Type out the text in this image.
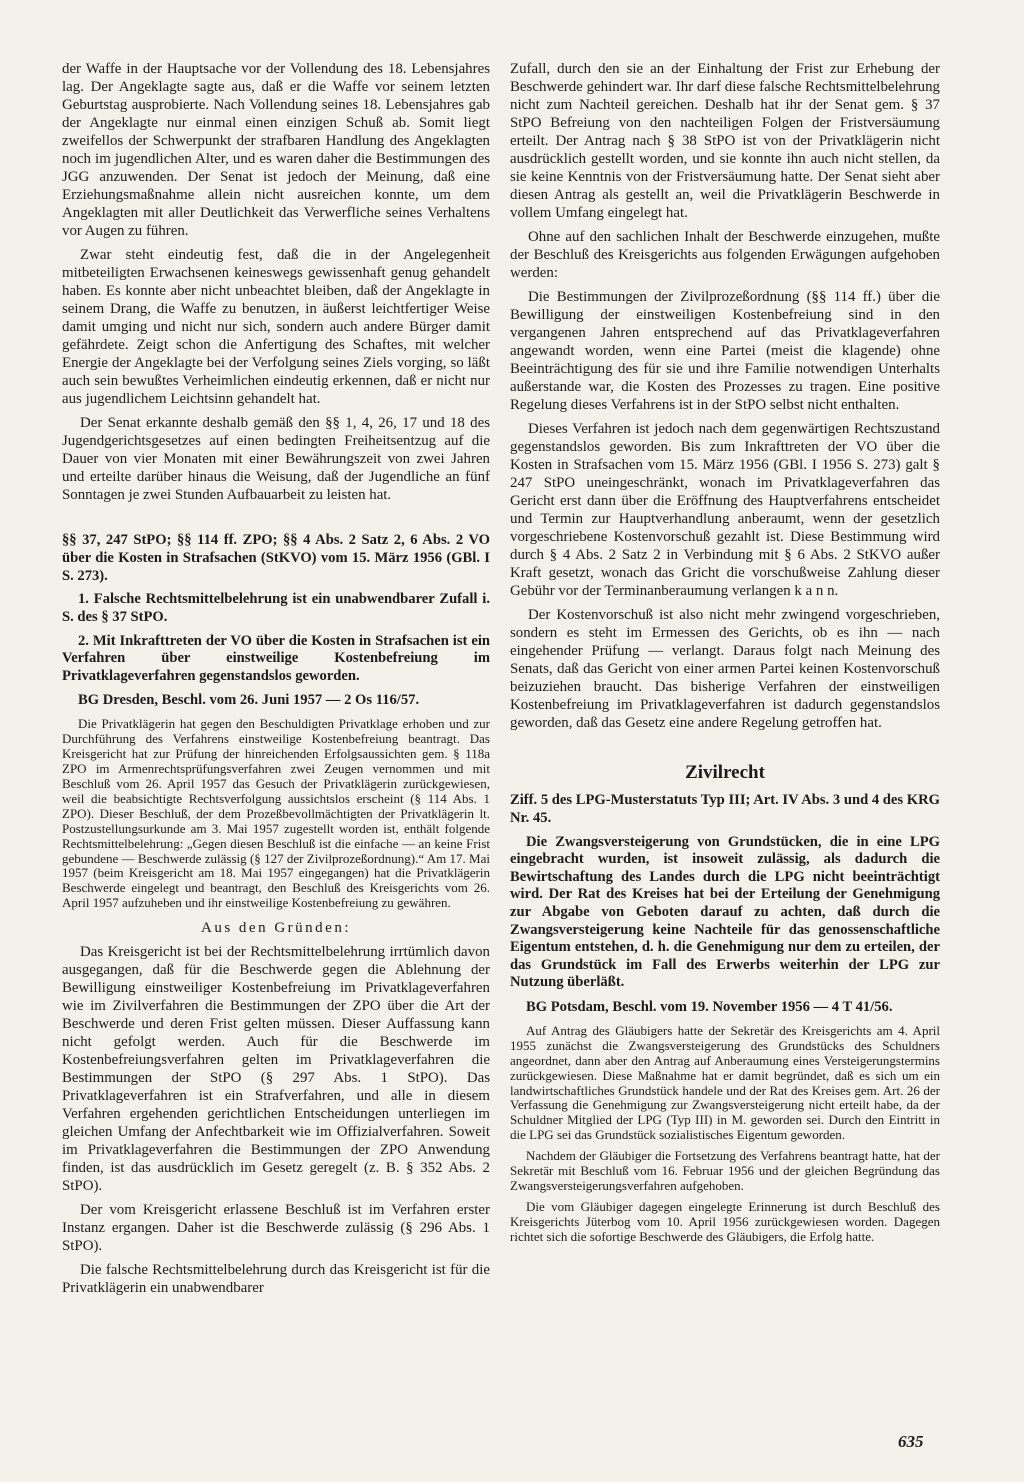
der Waffe in der Hauptsache vor der Vollendung des 18. Lebensjahres lag. Der Angeklagte sagte aus, daß er die Waffe vor seinem letzten Geburtstag ausprobierte. Nach Vollendung seines 18. Lebensjahres gab der Angeklagte nur einmal einen einzigen Schuß ab. Somit liegt zweifellos der Schwerpunkt der strafbaren Handlung des Angeklagten noch im jugendlichen Alter, und es waren daher die Bestimmungen des JGG anzuwenden. Der Senat ist jedoch der Meinung, daß eine Erziehungsmaßnahme allein nicht ausreichen konnte, um dem Angeklagten mit aller Deutlichkeit das Verwerfliche seines Verhaltens vor Augen zu führen.

Zwar steht eindeutig fest, daß die in der Angelegenheit mitbeteiligten Erwachsenen keineswegs gewissenhaft genug gehandelt haben. Es konnte aber nicht unbeachtet bleiben, daß der Angeklagte in seinem Drang, die Waffe zu benutzen, in äußerst leichtfertiger Weise damit umging und nicht nur sich, sondern auch andere Bürger damit gefährdete. Zeigt schon die Anfertigung des Schaftes, mit welcher Energie der Angeklagte bei der Verfolgung seines Ziels vorging, so läßt auch sein bewußtes Verheimlichen eindeutig erkennen, daß er nicht nur aus jugendlichem Leichtsinn gehandelt hat.

Der Senat erkannte deshalb gemäß den §§ 1, 4, 26, 17 und 18 des Jugendgerichtsgesetzes auf einen bedingten Freiheitsentzug auf die Dauer von vier Monaten mit einer Bewährungszeit von zwei Jahren und erteilte darüber hinaus die Weisung, daß der Jugendliche an fünf Sonntagen je zwei Stunden Aufbauarbeit zu leisten hat.

§§ 37, 247 StPO; §§ 114 ff. ZPO; §§ 4 Abs. 2 Satz 2, 6 Abs. 2 VO über die Kosten in Strafsachen (StKVO) vom 15. März 1956 (GBl. I S. 273).

1. Falsche Rechtsmittelbelehrung ist ein unabwendbarer Zufall i. S. des § 37 StPO.

2. Mit Inkrafttreten der VO über die Kosten in Strafsachen ist ein Verfahren über einstweilige Kostenbefreiung im Privatklageverfahren gegenstandslos geworden.

BG Dresden, Beschl. vom 26. Juni 1957 — 2 Os 116/57.

Die Privatklägerin hat gegen den Beschuldigten Privatklage erhoben und zur Durchführung des Verfahrens einstweilige Kostenbefreiung beantragt. Das Kreisgericht hat zur Prüfung der hinreichenden Erfolgsaussichten gem. § 118a ZPO im Armenrechtsprüfungsverfahren zwei Zeugen vernommen und mit Beschluß vom 26. April 1957 das Gesuch der Privatklägerin zurückgewiesen, weil die beabsichtigte Rechtsverfolgung aussichtslos erscheint (§ 114 Abs. 1 ZPO). Dieser Beschluß, der dem Prozeßbevollmächtigten der Privatklägerin lt. Postzustellungsurkunde am 3. Mai 1957 zugestellt worden ist, enthält folgende Rechtsmittelbelehrung: „Gegen diesen Beschluß ist die einfache — an keine Frist gebundene — Beschwerde zulässig (§ 127 der Zivilprozeßordnung).“ Am 17. Mai 1957 (beim Kreisgericht am 18. Mai 1957 eingegangen) hat die Privatklägerin Beschwerde eingelegt und beantragt, den Beschluß des Kreisgerichts vom 26. April 1957 aufzuheben und ihr einstweilige Kostenbefreiung zu gewähren.

Aus den Gründen:

Das Kreisgericht ist bei der Rechtsmittelbelehrung irrtümlich davon ausgegangen, daß für die Beschwerde gegen die Ablehnung der Bewilligung einstweiliger Kostenbefreiung im Privatklageverfahren wie im Zivilverfahren die Bestimmungen der ZPO über die Art der Beschwerde und deren Frist gelten müssen. Dieser Auffassung kann nicht gefolgt werden. Auch für die Beschwerde im Kostenbefreiungsverfahren gelten im Privatklageverfahren die Bestimmungen der StPO (§ 297 Abs. 1 StPO). Das Privatklageverfahren ist ein Strafverfahren, und alle in diesem Verfahren ergehenden gerichtlichen Entscheidungen unterliegen im gleichen Umfang der Anfechtbarkeit wie im Offizialverfahren. Soweit im Privatklageverfahren die Bestimmungen der ZPO Anwendung finden, ist das ausdrücklich im Gesetz geregelt (z. B. § 352 Abs. 2 StPO).

Der vom Kreisgericht erlassene Beschluß ist im Verfahren erster Instanz ergangen. Daher ist die Beschwerde zulässig (§ 296 Abs. 1 StPO).

Die falsche Rechtsmittelbelehrung durch das Kreisgericht ist für die Privatklägerin ein unabwendbarer

Zufall, durch den sie an der Einhaltung der Frist zur Erhebung der Beschwerde gehindert war. Ihr darf diese falsche Rechtsmittelbelehrung nicht zum Nachteil gereichen. Deshalb hat ihr der Senat gem. § 37 StPO Befreiung von den nachteiligen Folgen der Fristversäumung erteilt. Der Antrag nach § 38 StPO ist von der Privatklägerin nicht ausdrücklich gestellt worden, und sie konnte ihn auch nicht stellen, da sie keine Kenntnis von der Fristversäumung hatte. Der Senat sieht aber diesen Antrag als gestellt an, weil die Privatklägerin Beschwerde in vollem Umfang eingelegt hat.

Ohne auf den sachlichen Inhalt der Beschwerde einzugehen, mußte der Beschluß des Kreisgerichts aus folgenden Erwägungen aufgehoben werden:

Die Bestimmungen der Zivilprozeßordnung (§§ 114 ff.) über die Bewilligung der einstweiligen Kostenbefreiung sind in den vergangenen Jahren entsprechend auf das Privatklageverfahren angewandt worden, wenn eine Partei (meist die klagende) ohne Beeinträchtigung des für sie und ihre Familie notwendigen Unterhalts außerstande war, die Kosten des Prozesses zu tragen. Eine positive Regelung dieses Verfahrens ist in der StPO selbst nicht enthalten.

Dieses Verfahren ist jedoch nach dem gegenwärtigen Rechtszustand gegenstandslos geworden. Bis zum Inkrafttreten der VO über die Kosten in Strafsachen vom 15. März 1956 (GBl. I 1956 S. 273) galt § 247 StPO uneingeschränkt, wonach im Privatklageverfahren das Gericht erst dann über die Eröffnung des Hauptverfahrens entscheidet und Termin zur Hauptverhandlung anberaumt, wenn der gesetzlich vorgeschriebene Kostenvorschuß gezahlt ist. Diese Bestimmung wird durch § 4 Abs. 2 Satz 2 in Verbindung mit § 6 Abs. 2 StKVO außer Kraft gesetzt, wonach das Gricht die vorschußweise Zahlung dieser Gebühr vor der Terminanberaumung verlangen k a n n.

Der Kostenvorschuß ist also nicht mehr zwingend vorgeschrieben, sondern es steht im Ermessen des Gerichts, ob es ihn — nach eingehender Prüfung — verlangt. Daraus folgt nach Meinung des Senats, daß das Gericht von einer armen Partei keinen Kostenvorschuß beizuziehen braucht. Das bisherige Verfahren der einstweiligen Kostenbefreiung im Privatklageverfahren ist dadurch gegenstandslos geworden, daß das Gesetz eine andere Regelung getroffen hat.

Zivilrecht

Ziff. 5 des LPG-Musterstatuts Typ III; Art. IV Abs. 3 und 4 des KRG Nr. 45.

Die Zwangsversteigerung von Grundstücken, die in eine LPG eingebracht wurden, ist insoweit zulässig, als dadurch die Bewirtschaftung des Landes durch die LPG nicht beeinträchtigt wird. Der Rat des Kreises hat bei der Erteilung der Genehmigung zur Abgabe von Geboten darauf zu achten, daß durch die Zwangsversteigerung keine Nachteile für das genossenschaftliche Eigentum entstehen, d. h. die Genehmigung nur dem zu erteilen, der das Grundstück im Fall des Erwerbs weiterhin der LPG zur Nutzung überläßt.

BG Potsdam, Beschl. vom 19. November 1956 — 4 T 41/56.

Auf Antrag des Gläubigers hatte der Sekretär des Kreisgerichts am 4. April 1955 zunächst die Zwangsversteigerung des Grundstücks des Schuldners angeordnet, dann aber den Antrag auf Anberaumung eines Versteigerungstermins zurückgewiesen. Diese Maßnahme hat er damit begründet, daß es sich um ein landwirtschaftliches Grundstück handele und der Rat des Kreises gem. Art. 26 der Verfassung die Genehmigung zur Zwangsversteigerung nicht erteilt habe, da der Schuldner Mitglied der LPG (Typ III) in M. geworden sei. Durch den Eintritt in die LPG sei das Grundstück sozialistisches Eigentum geworden.

Nachdem der Gläubiger die Fortsetzung des Verfahrens beantragt hatte, hat der Sekretär mit Beschluß vom 16. Februar 1956 und der gleichen Begründung das Zwangsversteigerungsverfahren aufgehoben.

Die vom Gläubiger dagegen eingelegte Erinnerung ist durch Beschluß des Kreisgerichts Jüterbog vom 10. April 1956 zurückgewiesen worden. Dagegen richtet sich die sofortige Beschwerde des Gläubigers, die Erfolg hatte.

635
